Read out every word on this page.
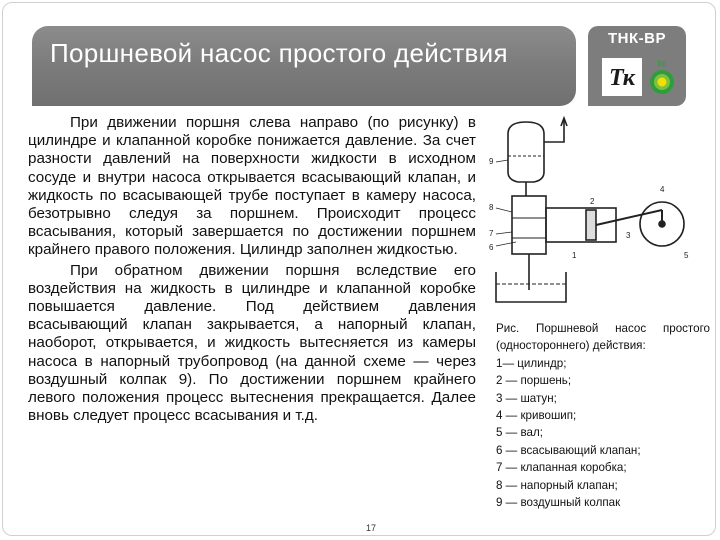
Поршневой насос простого действия	ТНК-ВР
Тк
bp

При движении поршня слева направо (по рисунку) в цилиндре и клапанной коробке понижается давление. За счет разности давлений на поверхности жидкости в исходном сосуде и внутри насоса открывается всасывающий клапан, и жидкость по всасывающей трубе поступает в камеру насоса, безотрывно следуя за поршнем. Происходит процесс всасывания, который завершается по достижении поршнем крайнего правого положения. Цилиндр заполнен жидкостью.

При обратном движении поршня вследствие его воздействия на жидкость в цилиндре и клапанной коробке повышается давление. Под действием давления всасывающий клапан закрывается, а напорный клапан, наоборот, открывается, и жидкость вытесняется из камеры насоса в напорный трубопровод (на данной схеме — через воздушный колпак 9). По достижении поршнем крайнего левого положения процесс вытеснения прекращается. Далее вновь следует процесс всасывания и т.д.

9
8
7
6
2
1
3
4
5
Рис. Поршневой насос простого (одностороннего) действия:
1— цилиндр;
2 — поршень;
3 — шатун;
4 — кривошип;
5 — вал;
6 — всасывающий клапан;
7 — клапанная коробка;
8 — напорный клапан;
9 — воздушный колпак
17
